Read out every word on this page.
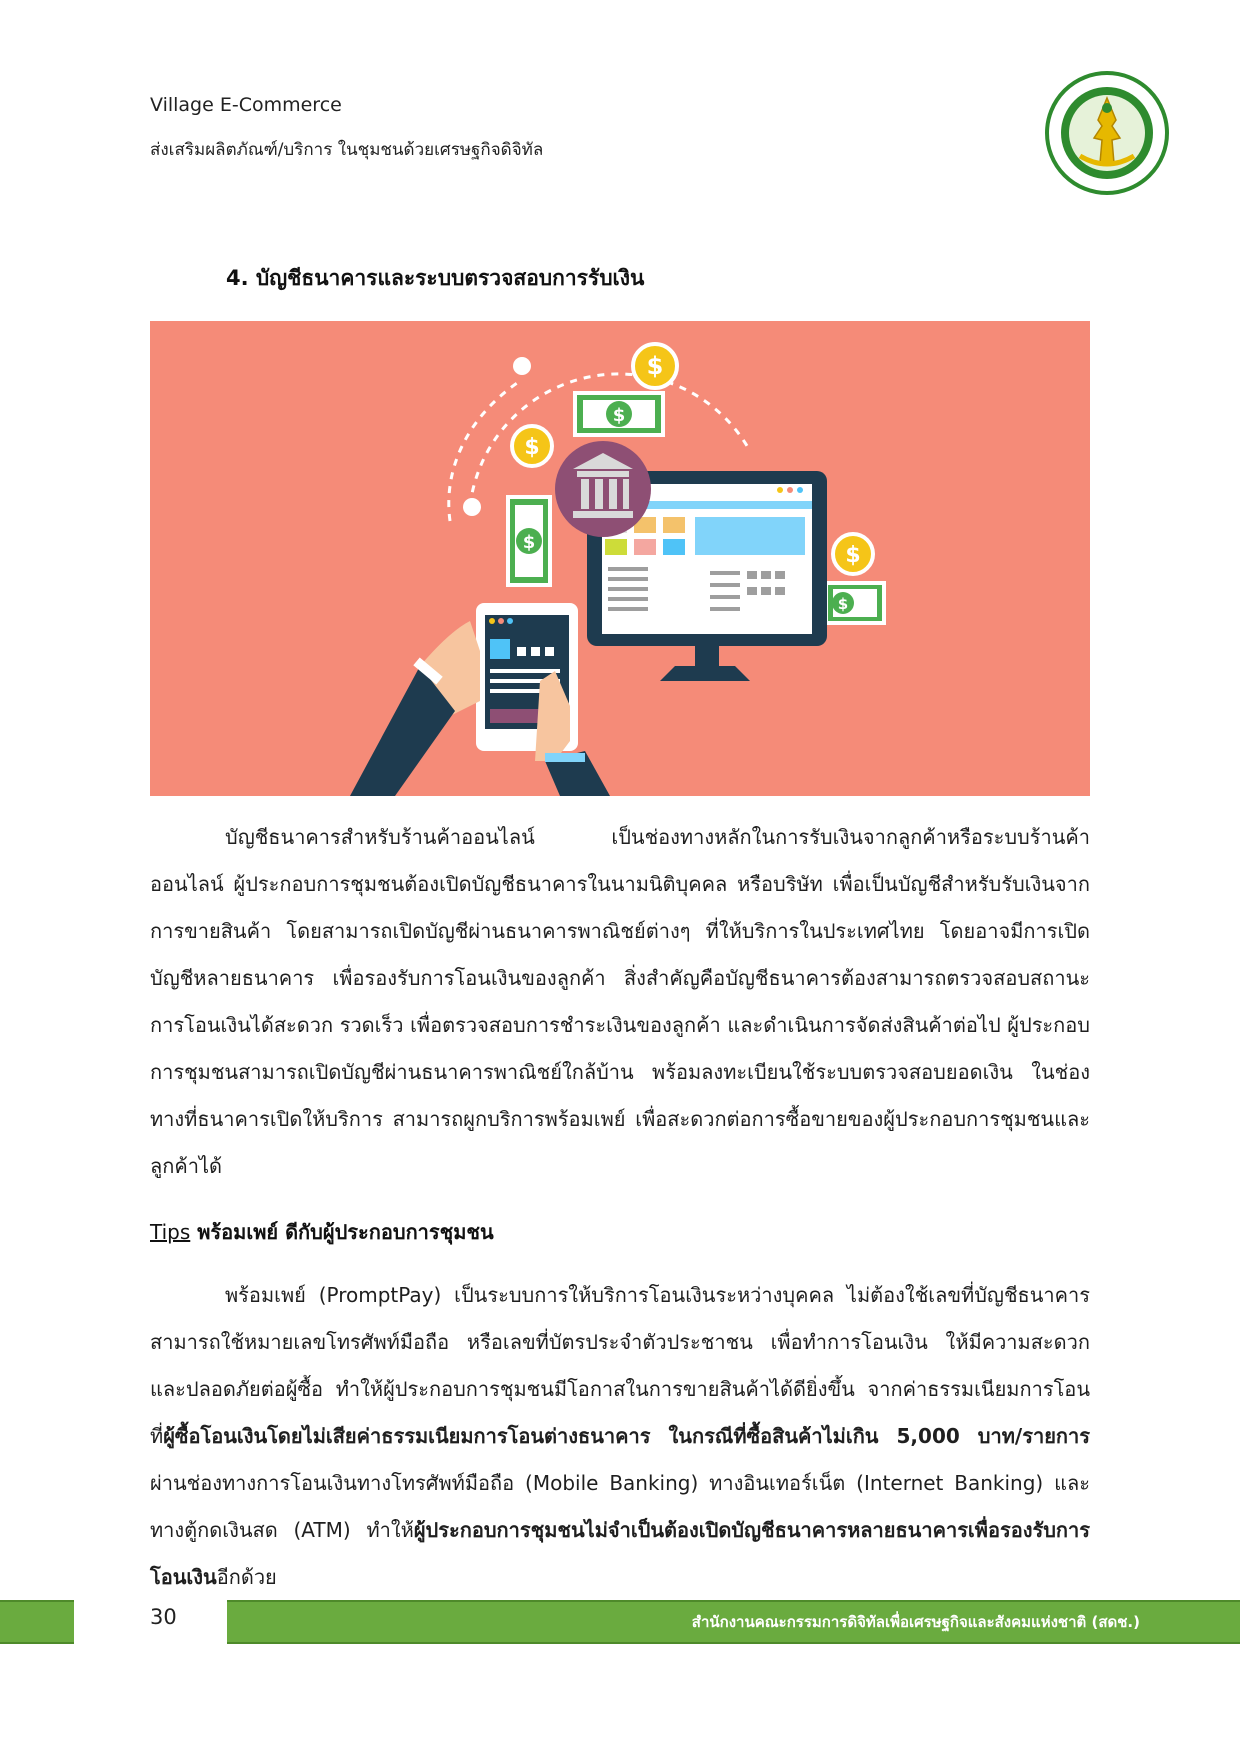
Village E-Commerce
ส่งเสริมผลิตภัณฑ์/บริการ ในชุมชนด้วยเศรษฐกิจดิจิทัล
4. บัญชีธนาคารและระบบตรวจสอบการรับเงิน
$
$
$
$
$
$

บัญชีธนาคารสำหรับร้านค้าออนไลน์ เป็นช่องทางหลักในการรับเงินจากลูกค้าหรือระบบร้านค้าออนไลน์ ผู้ประกอบการชุมชนต้องเปิดบัญชีธนาคารในนามนิติบุคคล หรือบริษัท เพื่อเป็นบัญชีสำหรับรับเงินจากการขายสินค้า โดยสามารถเปิดบัญชีผ่านธนาคารพาณิชย์ต่างๆ ที่ให้บริการในประเทศไทย โดยอาจมีการเปิดบัญชีหลายธนาคาร เพื่อรองรับการโอนเงินของลูกค้า สิ่งสำคัญคือบัญชีธนาคารต้องสามารถตรวจสอบสถานะการโอนเงินได้สะดวก รวดเร็ว เพื่อตรวจสอบการชำระเงินของลูกค้า และดำเนินการจัดส่งสินค้าต่อไป ผู้ประกอบการชุมชนสามารถเปิดบัญชีผ่านธนาคารพาณิชย์ใกล้บ้าน พร้อมลงทะเบียนใช้ระบบตรวจสอบยอดเงิน ในช่องทางที่ธนาคารเปิดให้บริการ สามารถผูกบริการพร้อมเพย์ เพื่อสะดวกต่อการซื้อขายของผู้ประกอบการชุมชนและลูกค้าได้

Tips พร้อมเพย์ ดีกับผู้ประกอบการชุมชน

พร้อมเพย์ (PromptPay) เป็นระบบการให้บริการโอนเงินระหว่างบุคคล ไม่ต้องใช้เลขที่บัญชีธนาคาร สามารถใช้หมายเลขโทรศัพท์มือถือ หรือเลขที่บัตรประจำตัวประชาชน เพื่อทำการโอนเงิน ให้มีความสะดวกและปลอดภัยต่อผู้ซื้อ ทำให้ผู้ประกอบการชุมชนมีโอกาสในการขายสินค้าได้ดียิ่งขึ้น จากค่าธรรมเนียมการโอนที่ผู้ซื้อโอนเงินโดยไม่เสียค่าธรรมเนียมการโอนต่างธนาคาร ในกรณีที่ซื้อสินค้าไม่เกิน 5,000 บาท/รายการ ผ่านช่องทางการโอนเงินทางโทรศัพท์มือถือ (Mobile Banking) ทางอินเทอร์เน็ต (Internet Banking) และทางตู้กดเงินสด (ATM) ทำให้ผู้ประกอบการชุมชนไม่จำเป็นต้องเปิดบัญชีธนาคารหลายธนาคารเพื่อรองรับการโอนเงินอีกด้วย

30	สำนักงานคณะกรรมการดิจิทัลเพื่อเศรษฐกิจและสังคมแห่งชาติ (สดช.)
